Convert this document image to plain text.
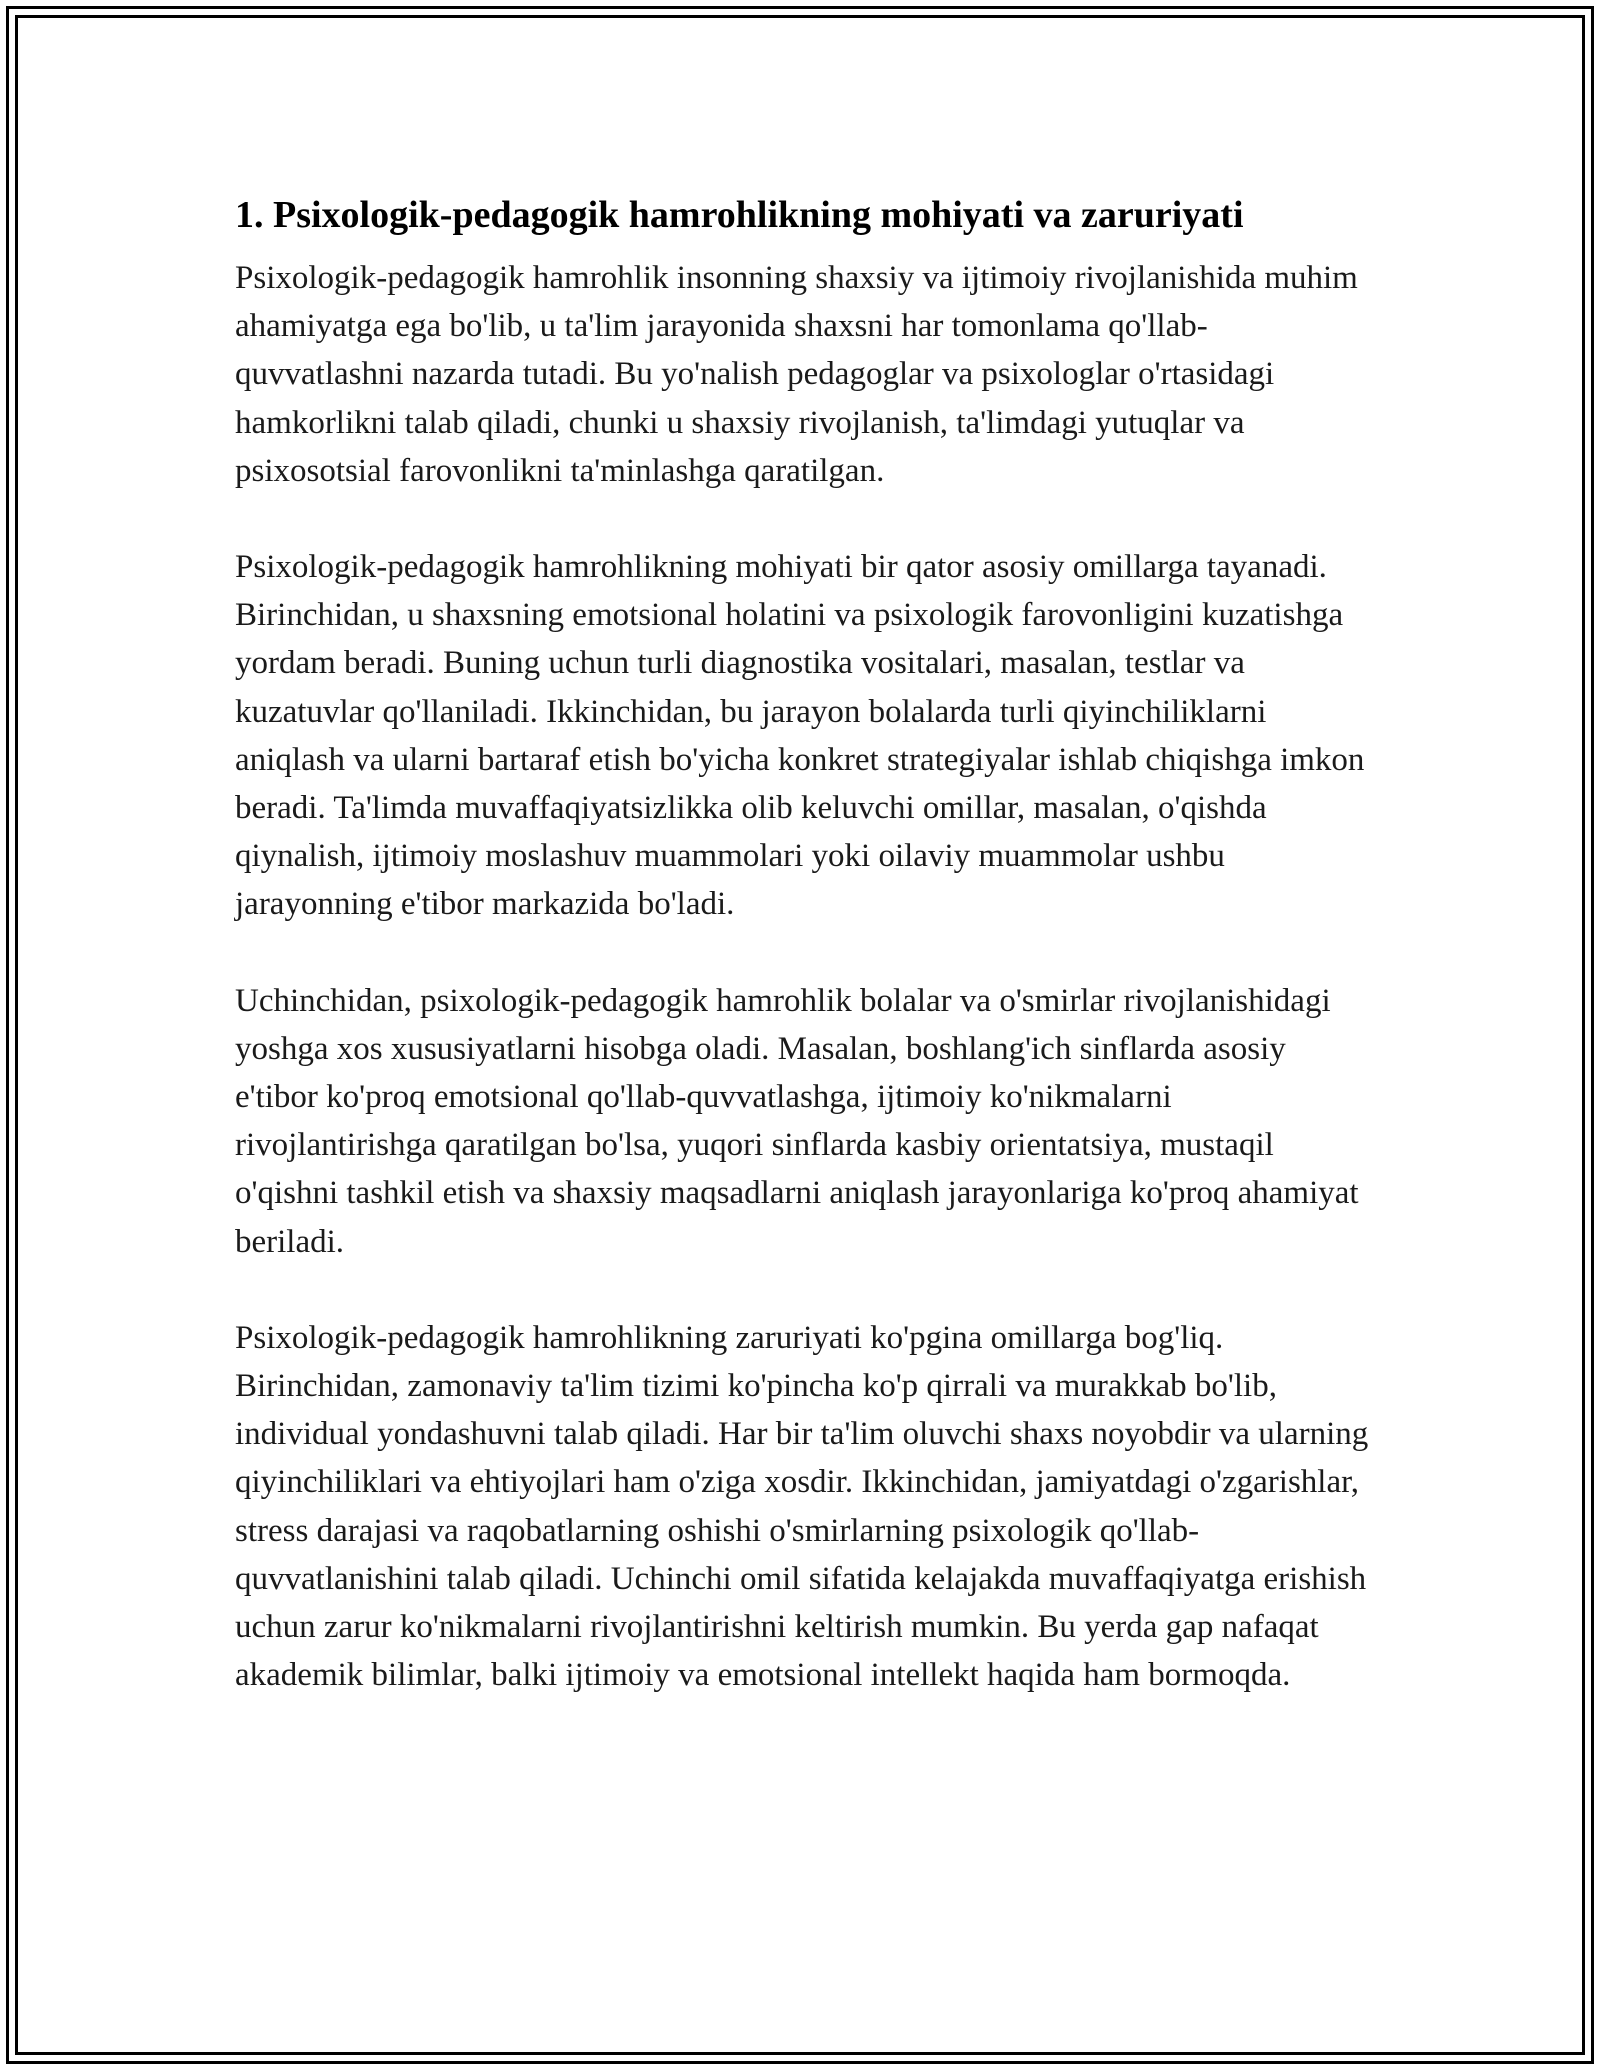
1. Psixologik-pedagogik hamrohlikning mohiyati va zaruriyati

Psixologik-pedagogik hamrohlik insonning shaxsiy va ijtimoiy rivojlanishida muhim ahamiyatga ega bo'lib, u ta'lim jarayonida shaxsni har tomonlama qo'llab-quvvatlashni nazarda tutadi. Bu yo'nalish pedagoglar va psixologlar o'rtasidagi hamkorlikni talab qiladi, chunki u shaxsiy rivojlanish, ta'limdagi yutuqlar va psixosotsial farovonlikni ta'minlashga qaratilgan.

Psixologik-pedagogik hamrohlikning mohiyati bir qator asosiy omillarga tayanadi. Birinchidan, u shaxsning emotsional holatini va psixologik farovonligini kuzatishga yordam beradi. Buning uchun turli diagnostika vositalari, masalan, testlar va kuzatuvlar qo'llaniladi. Ikkinchidan, bu jarayon bolalarda turli qiyinchiliklarni aniqlash va ularni bartaraf etish bo'yicha konkret strategiyalar ishlab chiqishga imkon beradi. Ta'limda muvaffaqiyatsizlikka olib keluvchi omillar, masalan, o'qishda qiynalish, ijtimoiy moslashuv muammolari yoki oilaviy muammolar ushbu jarayonning e'tibor markazida bo'ladi.

Uchinchidan, psixologik-pedagogik hamrohlik bolalar va o'smirlar rivojlanishidagi yoshga xos xususiyatlarni hisobga oladi. Masalan, boshlang'ich sinflarda asosiy e'tibor ko'proq emotsional qo'llab-quvvatlashga, ijtimoiy ko'nikmalarni rivojlantirishga qaratilgan bo'lsa, yuqori sinflarda kasbiy orientatsiya, mustaqil o'qishni tashkil etish va shaxsiy maqsadlarni aniqlash jarayonlariga ko'proq ahamiyat beriladi.

Psixologik-pedagogik hamrohlikning zaruriyati ko'pgina omillarga bog'liq. Birinchidan, zamonaviy ta'lim tizimi ko'pincha ko'p qirrali va murakkab bo'lib, individual yondashuvni talab qiladi. Har bir ta'lim oluvchi shaxs noyobdir va ularning qiyinchiliklari va ehtiyojlari ham o'ziga xosdir. Ikkinchidan, jamiyatdagi o'zgarishlar, stress darajasi va raqobatlarning oshishi o'smirlarning psixologik qo'llab-quvvatlanishini talab qiladi. Uchinchi omil sifatida kelajakda muvaffaqiyatga erishish uchun zarur ko'nikmalarni rivojlantirishni keltirish mumkin. Bu yerda gap nafaqat akademik bilimlar, balki ijtimoiy va emotsional intellekt haqida ham bormoqda.
